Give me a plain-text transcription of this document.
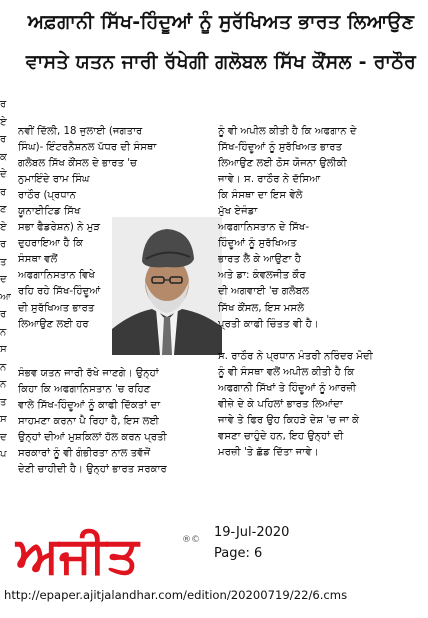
ਅਫ਼ਗਾਨੀ ਸਿੱਖ-ਹਿੰਦੂਆਂ ਨੂੰ ਸੁਰੱਖਿਅਤ ਭਾਰਤ ਲਿਆਉਣ
ਵਾਸਤੇ ਯਤਨ ਜਾਰੀ ਰੱਖੇਗੀ ਗਲੋਬਲ ਸਿੱਖ ਕੌਂਸਲ - ਰਾਠੌਰ
ਰ
ਏ
ਰ
ਕ
ਦੇ
ਰ
ਣ
ਏ
ਰ
ਤ
ਦ
ਆ
ਰ
ਨ
ਸ
ਨ
ਨ
ਤ
ਸ
ਦ
ਪ

ਨਵੀਂ ਦਿੱਲੀ, 18 ਜੁਲਾਈ (ਜਗਤਾਰ

ਸਿੰਘ)- ਇੰਟਰਨੈਸ਼ਨਲ ਪੱਧਰ ਦੀ ਸੰਸਥਾ

ਗਲੋਬਲ ਸਿੱਖ ਕੌਂਸਲ ਦੇ ਭਾਰਤ 'ਚ

ਨੁਮਾਇੰਦੇ ਰਾਮ ਸਿੰਘ

ਰਾਠੌਰ (ਪ੍ਰਧਾਨ

ਯੂਨਾਈਟਿਡ ਸਿੱਖ

ਸਭਾ ਫੈਡਰੇਸ਼ਨ) ਨੇ ਮੁੜ

ਦੁਹਰਾਇਆ ਹੈ ਕਿ

ਸੰਸਥਾ ਵਲੋਂ

ਅਫਗਾਨਿਸਤਾਨ ਵਿਖੇ

ਰਹਿ ਰਹੇ ਸਿੱਖ-ਹਿੰਦੂਆਂ

ਦੀ ਸੁਰੱਖਿਅਤ ਭਾਰਤ

ਲਿਆਉਣ ਲਈ ਹਰ

ਸੰਭਵ ਯਤਨ ਜਾਰੀ ਰੱਖੇ ਜਾਣਗੇ। ਉਨ੍ਹਾਂ

ਕਿਹਾ ਕਿ ਅਫਗਾਨਿਸਤਾਨ 'ਚ ਰਹਿਣ

ਵਾਲੇ ਸਿੱਖ-ਹਿੰਦੂਆਂ ਨੂੰ ਕਾਫੀ ਦਿੱਕਤਾਂ ਦਾ

ਸਾਹਮਣਾ ਕਰਨਾ ਪੈ ਰਿਹਾ ਹੈ, ਇਸ ਲਈ

ਉਨ੍ਹਾਂ ਦੀਆਂ ਮੁਸ਼ਕਿਲਾਂ ਹੱਲ ਕਰਨ ਪ੍ਰਤੀ

ਸਰਕਾਰਾਂ ਨੂੰ ਵੀ ਗੰਭੀਰਤਾ ਨਾਲ ਤਵੱਜੋਂ

ਦੇਣੀ ਚਾਹੀਦੀ ਹੈ। ਉਨ੍ਹਾਂ ਭਾਰਤ ਸਰਕਾਰ

ਨੂੰ ਵੀ ਅਪੀਲ ਕੀਤੀ ਹੈ ਕਿ ਅਫਗਾਨ ਦੇ

ਸਿੱਖ-ਹਿੰਦੂਆਂ ਨੂੰ ਸੁਰੱਖਿਅਤ ਭਾਰਤ

ਲਿਆਉਣ ਲਈ ਠੋਸ ਯੋਜਨਾ ਉਲੀਕੀ

ਜਾਵੇ। ਸ. ਰਾਠੌਰ ਨੇ ਦੱਸਿਆ

ਕਿ ਸੰਸਥਾ ਦਾ ਇਸ ਵੇਲੇ

ਮੁੱਖ ਏਜੰਡਾ

ਅਫਗਾਨਿਸਤਾਨ ਦੇ ਸਿੱਖ-

ਹਿੰਦੂਆਂ ਨੂੰ ਸੁਰੱਖਿਅਤ

ਭਾਰਤ ਲੈ ਕੇ ਆਉਣਾ ਹੈ

ਅਤੇ ਡਾ: ਕੰਵਲਜੀਤ ਕੌਰ

ਦੀ ਅਗਵਾਈ 'ਚ ਗਲੋਬਲ

ਸਿੱਖ ਕੌਂਸਲ, ਇਸ ਮਸਲੇ

ਪ੍ਰਤੀ ਕਾਫੀ ਚਿੰਤਤ ਵੀ ਹੈ।

ਸ. ਰਾਠੌਰ ਨੇ ਪ੍ਰਧਾਨ ਮੰਤਰੀ ਨਰਿੰਦਰ ਮੋਦੀ

ਨੂੰ ਵੀ ਸੰਸਥਾ ਵਲੋਂ ਅਪੀਲ ਕੀਤੀ ਹੈ ਕਿ

ਅਫਗਾਨੀ ਸਿੱਖਾਂ ਤੇ ਹਿੰਦੂਆਂ ਨੂੰ ਆਰਜ਼ੀ

ਵੀਜ਼ੇ ਦੇ ਕੇ ਪਹਿਲਾਂ ਭਾਰਤ ਲਿਆਂਦਾ

ਜਾਵੇ ਤੇ ਫਿਰ ਉਹ ਕਿਹੜੇ ਦੇਸ਼ 'ਚ ਜਾ ਕੇ

ਵਸਣਾ ਚਾਹੁੰਦੇ ਹਨ, ਇਹ ਉਨ੍ਹਾਂ ਦੀ

ਮਰਜ਼ੀ 'ਤੇ ਛੱਡ ਦਿੱਤਾ ਜਾਵੇ।

ਅਜੀਤ	®© 19-Jul-2020
Page: 6
http://epaper.ajitjalandhar.com/edition/20200719/22/6.cms
